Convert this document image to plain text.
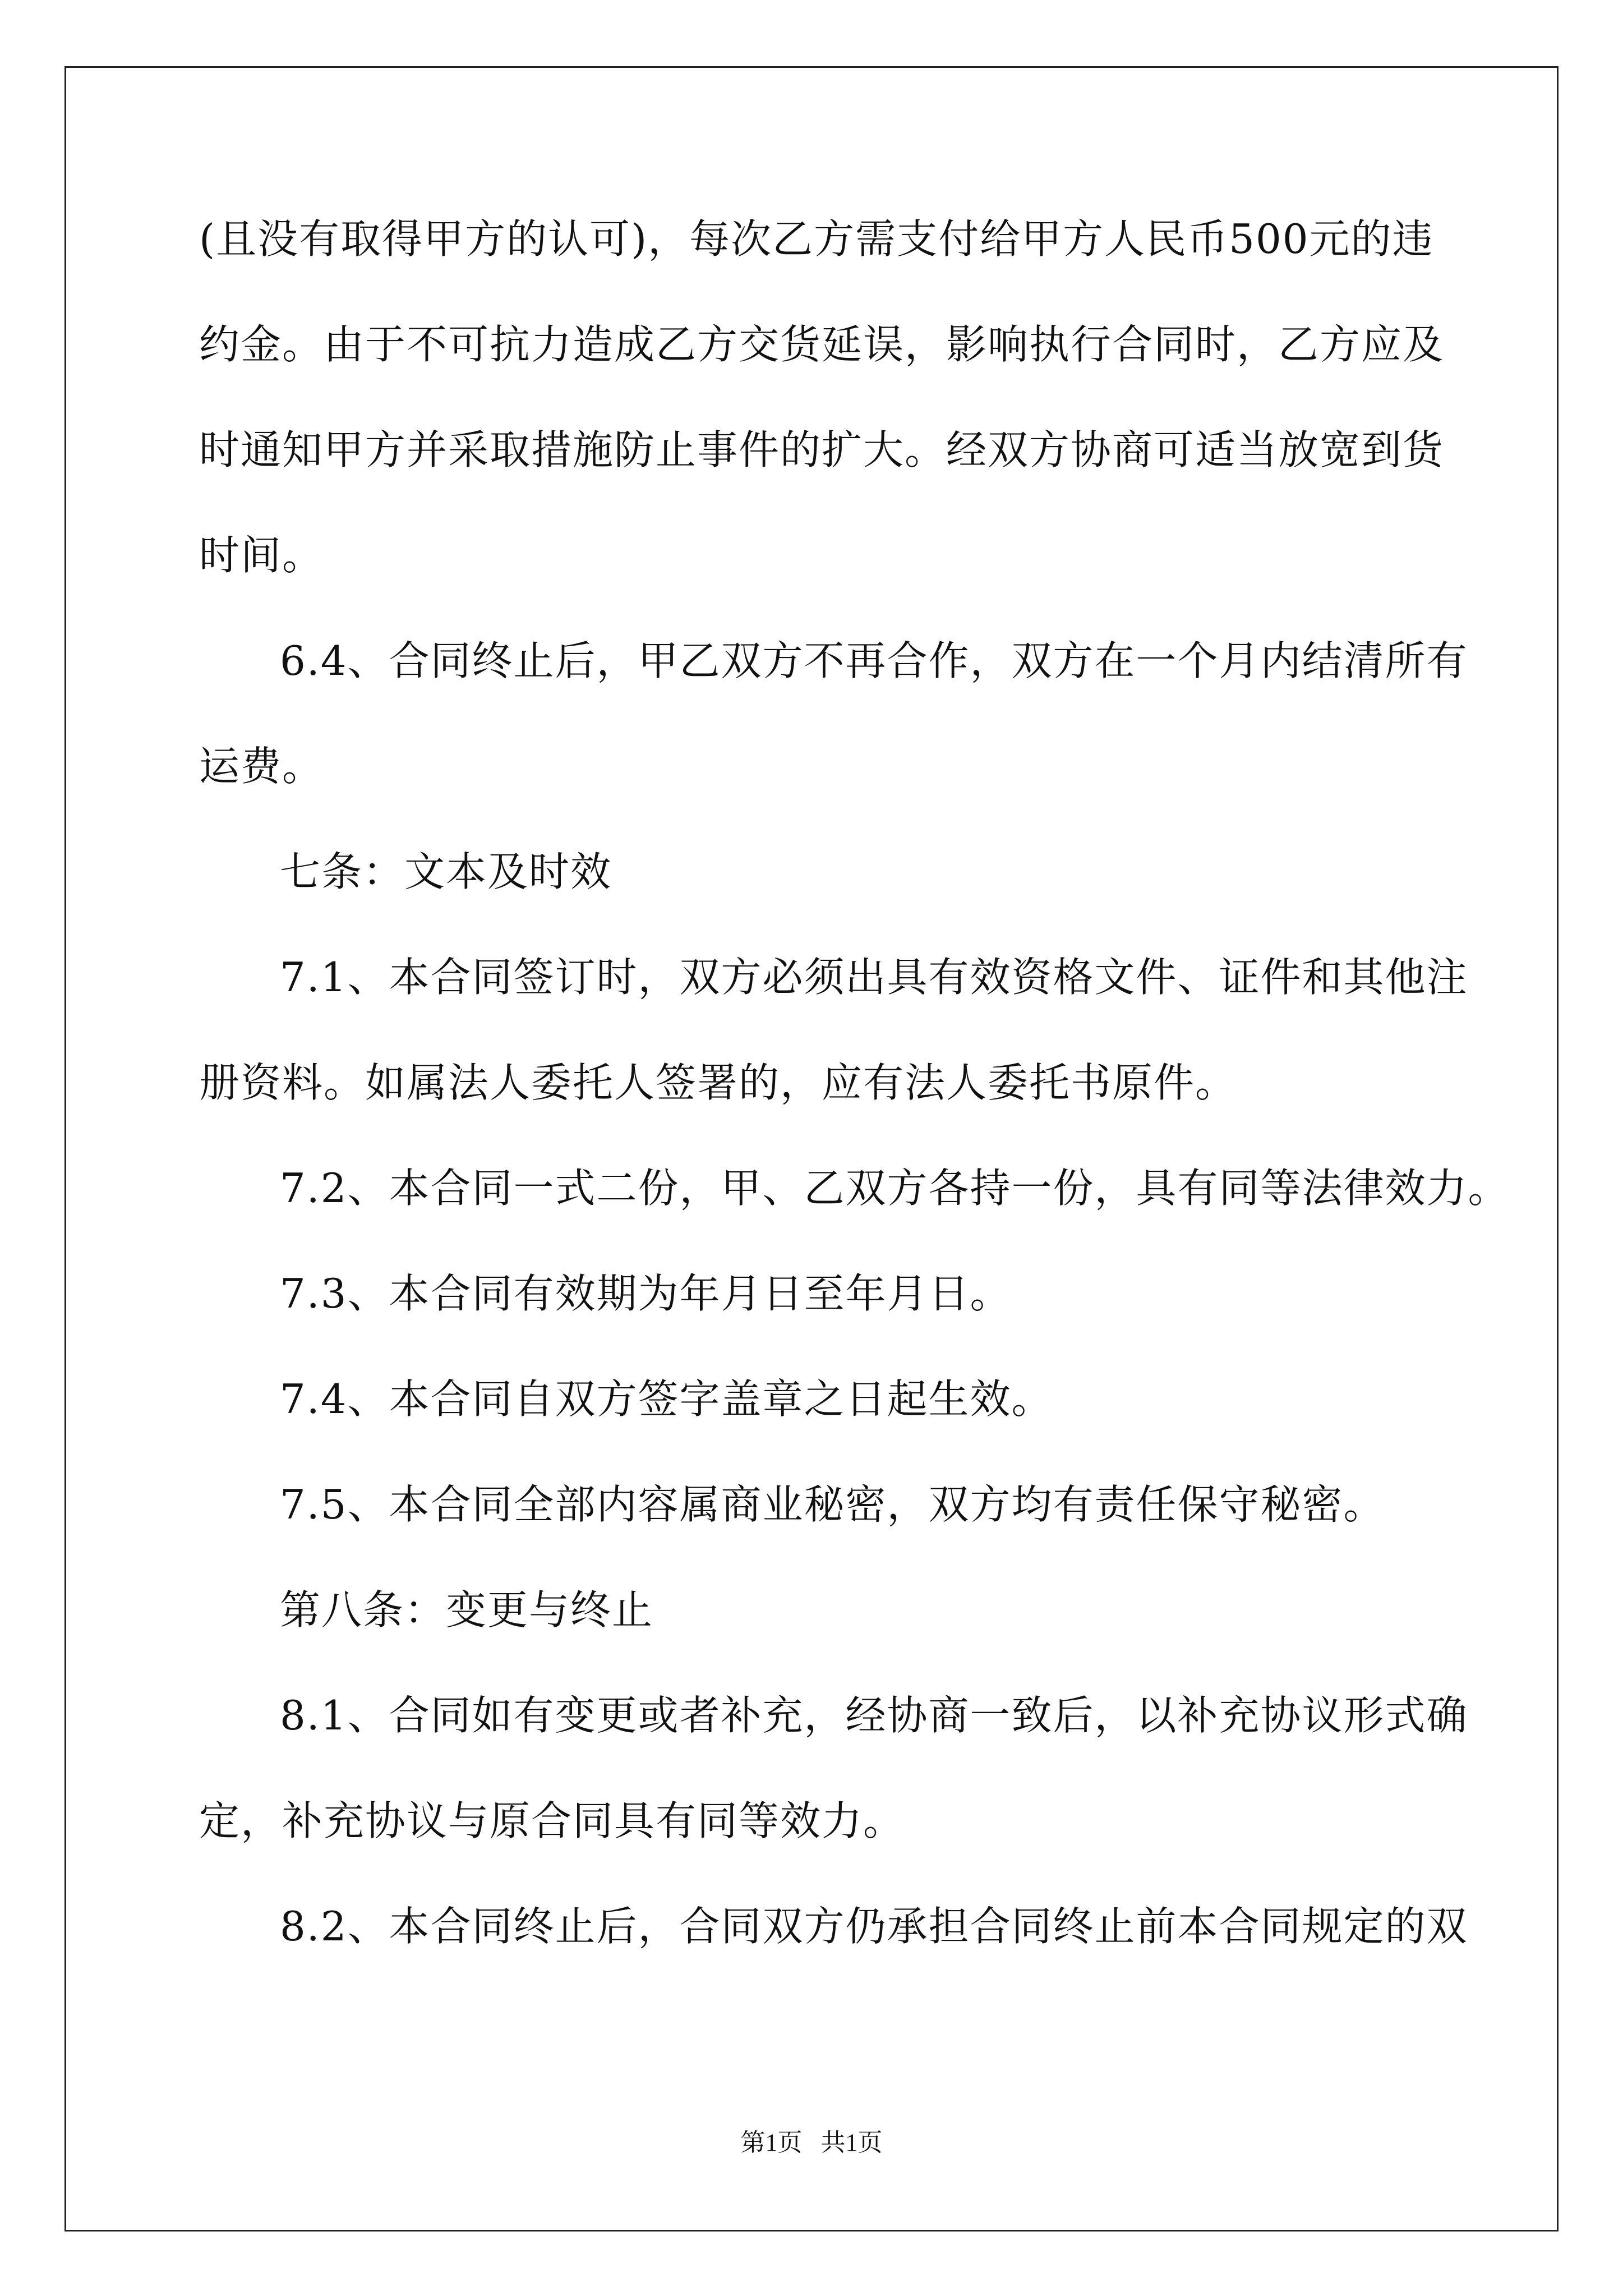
(且没有取得甲方的认可)，每次乙方需支付给甲方人民币500元的违
约金。由于不可抗力造成乙方交货延误，影响执行合同时，乙方应及
时通知甲方并采取措施防止事件的扩大。经双方协商可适当放宽到货
时间。
6.4、合同终止后，甲乙双方不再合作，双方在一个月内结清所有
运费。
七条：文本及时效
7.1、本合同签订时，双方必须出具有效资格文件、证件和其他注
册资料。如属法人委托人签署的，应有法人委托书原件。
7.2、本合同一式二份，甲、乙双方各持一份，具有同等法律效力。
7.3、本合同有效期为年月日至年月日。
7.4、本合同自双方签字盖章之日起生效。
7.5、本合同全部内容属商业秘密，双方均有责任保守秘密。
第八条：变更与终止
8.1、合同如有变更或者补充，经协商一致后，以补充协议形式确
定，补充协议与原合同具有同等效力。
8.2、本合同终止后，合同双方仍承担合同终止前本合同规定的双
第1页   共1页
